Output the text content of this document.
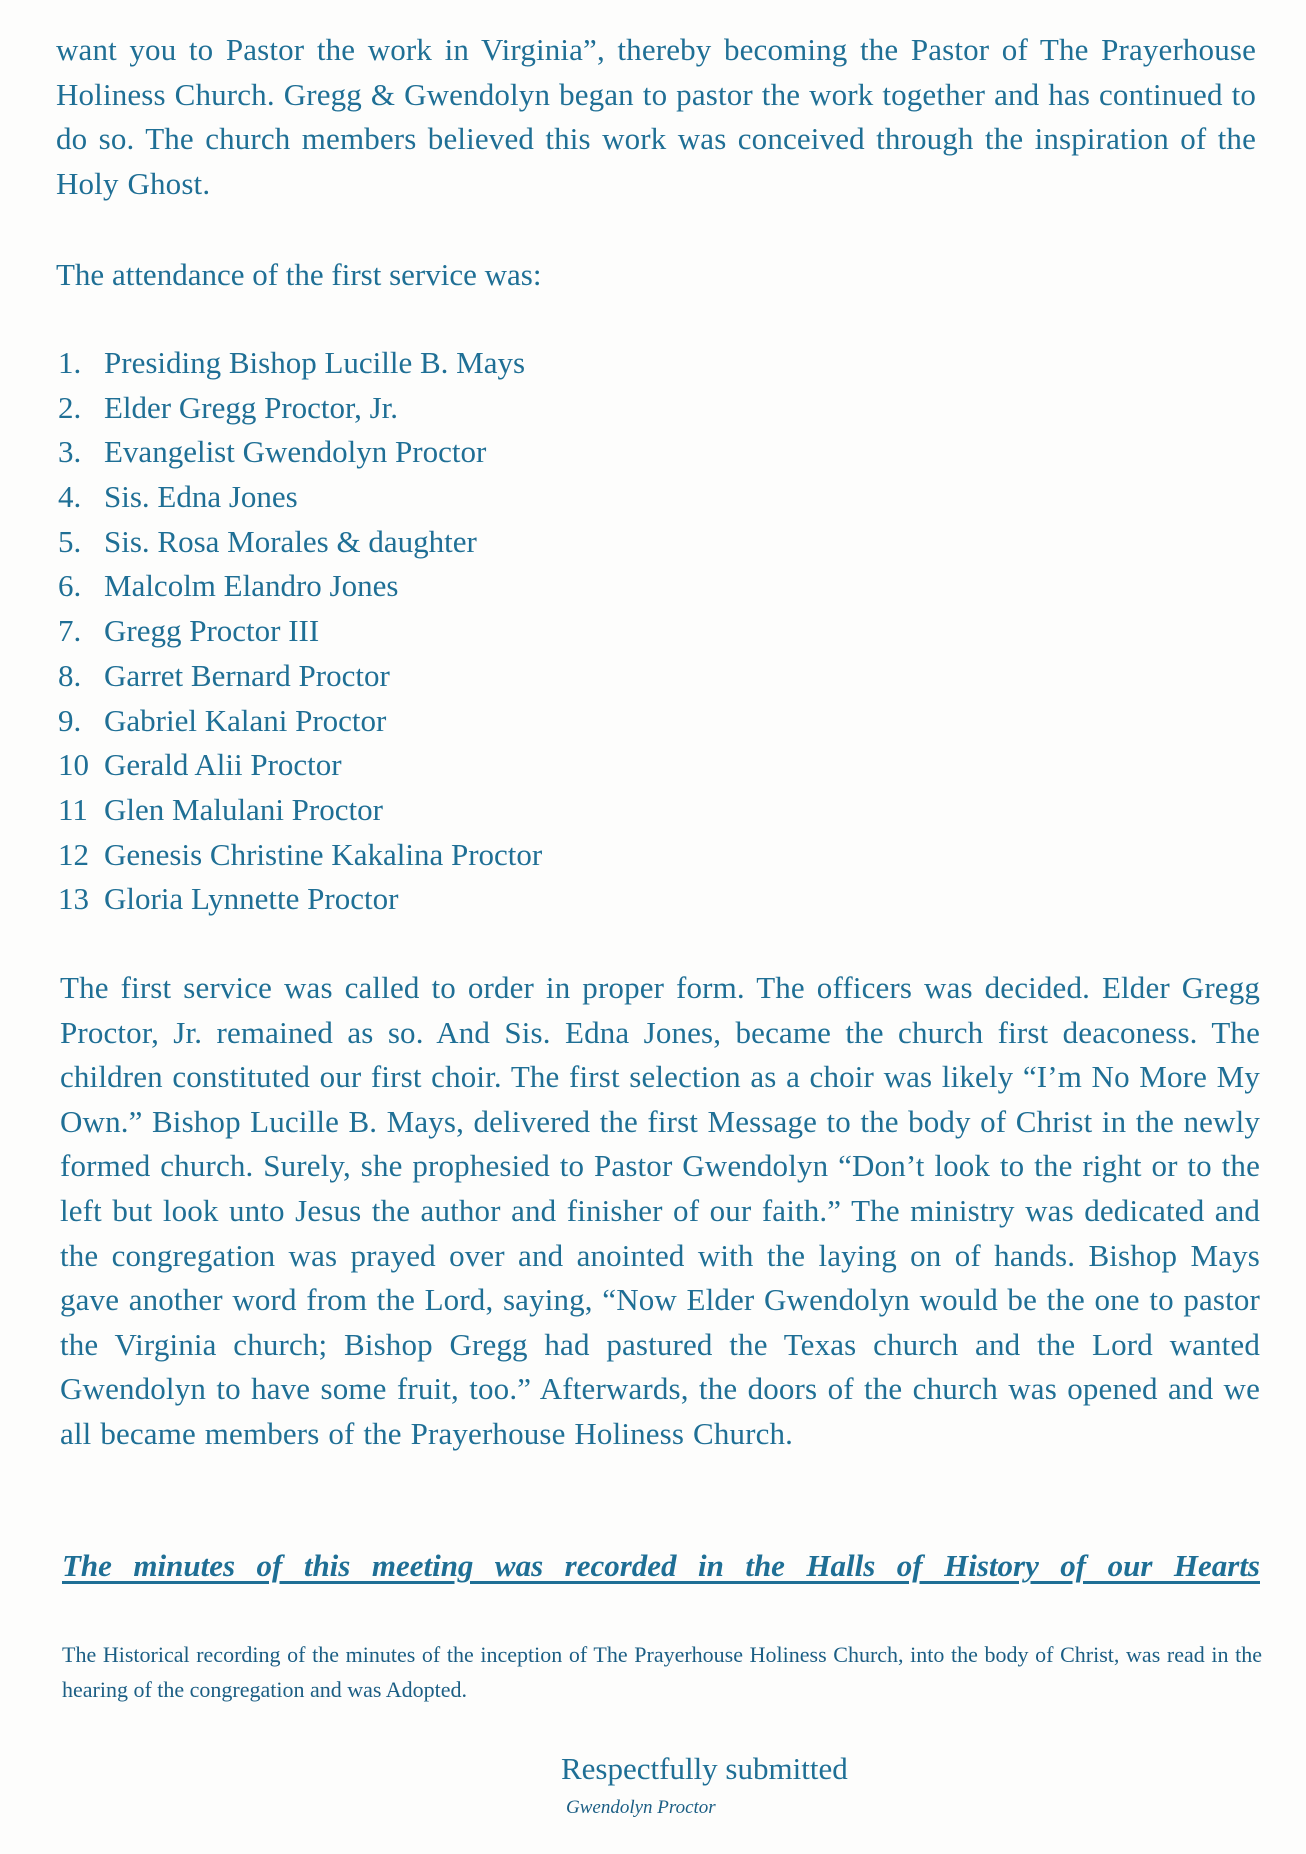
want you to Pastor the work in Virginia”, thereby becoming the Pastor of The Prayerhouse Holiness Church. Gregg & Gwendolyn began to pastor the work together and has continued to do so. The church members believed this work was conceived through the inspiration of the Holy Ghost.

The attendance of the first service was:
1. Presiding Bishop Lucille B. Mays
2. Elder Gregg Proctor, Jr.
3. Evangelist Gwendolyn Proctor
4. Sis. Edna Jones
5. Sis. Rosa Morales & daughter
6. Malcolm Elandro Jones
7. Gregg Proctor III
8. Garret Bernard Proctor
9. Gabriel Kalani Proctor
10 Gerald Alii Proctor
11 Glen Malulani Proctor
12 Genesis Christine Kakalina Proctor
13 Gloria Lynnette Proctor

The first service was called to order in proper form. The officers was decided. Elder Gregg Proctor, Jr. remained as so. And Sis. Edna Jones, became the church first deaconess. The children constituted our first choir. The first selection as a choir was likely “I’m No More My Own.” Bishop Lucille B. Mays, delivered the first Message to the body of Christ in the newly formed church. Surely, she prophesied to Pastor Gwendolyn “Don’t look to the right or to the left but look unto Jesus the author and finisher of our faith.” The ministry was dedicated and the congregation was prayed over and anointed with the laying on of hands. Bishop Mays gave another word from the Lord, saying, “Now Elder Gwendolyn would be the one to pastor the Virginia church; Bishop Gregg had pastured the Texas church and the Lord wanted Gwendolyn to have some fruit, too.” Afterwards, the doors of the church was opened and we all became members of the Prayerhouse Holiness Church.

The minutes of this meeting was recorded in the Halls of History of our Hearts

The Historical recording of the minutes of the inception of The Prayerhouse Holiness Church, into the body of Christ, was read in the hearing of the congregation and was Adopted.

Respectfully submitted
Gwendolyn Proctor
